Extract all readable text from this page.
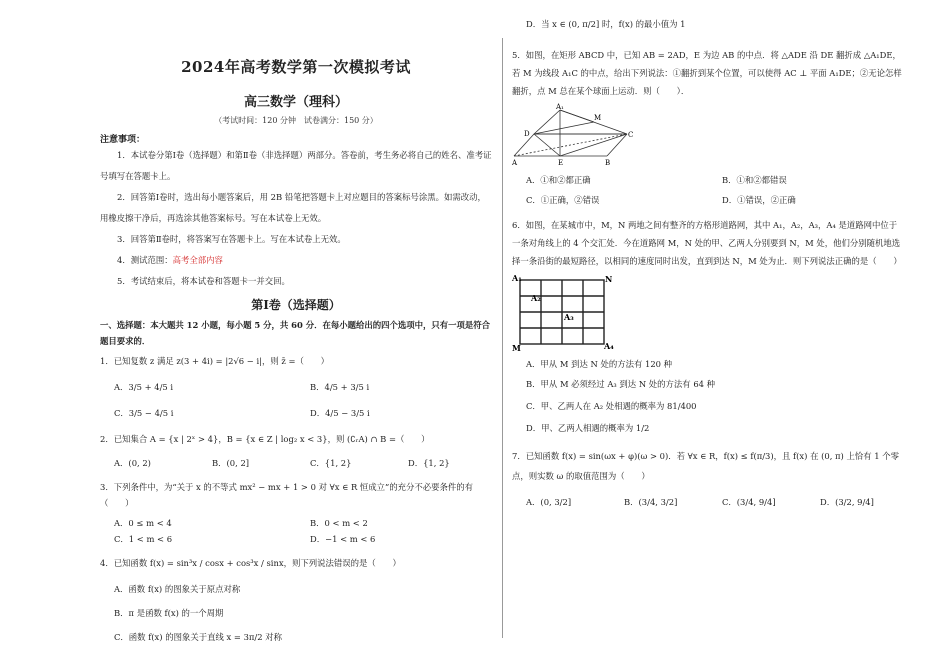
2024年高考数学第一次模拟考试
高三数学（理科）
（考试时间：120 分钟　试卷满分：150 分）
注意事项：

1．本试卷分第Ⅰ卷（选择题）和第Ⅱ卷（非选择题）两部分。答卷前，考生务必将自己的姓名、准考证号填写在答题卡上。

2．回答第Ⅰ卷时，选出每小题答案后，用 2B 铅笔把答题卡上对应题目的答案标号涂黑。如需改动，用橡皮擦干净后，再选涂其他答案标号。写在本试卷上无效。

3．回答第Ⅱ卷时，将答案写在答题卡上。写在本试卷上无效。

4．测试范围：高考全部内容

5．考试结束后，将本试卷和答题卡一并交回。

第Ⅰ卷（选择题）
一、选择题：本大题共 12 小题，每小题 5 分，共 60 分．在每小题给出的四个选项中，只有一项是符合题目要求的．

1．已知复数 z 满足 z(3 + 4i) = |2√6 − i|，则 z̄ =（　　）

A．3/5 + 4/5 i	B．4/5 + 3/5 i
C．3/5 − 4/5 i	D．4/5 − 3/5 i

2．已知集合 A = {x | 2ˣ > 4}，B = {x ∈ Z | log₂ x < 3}，则 (∁ᵣA) ∩ B =（　　）

A．(0, 2)	B．(0, 2]	C．{1, 2}	D．{1, 2}

3．下列条件中，为“关于 x 的不等式 mx² − mx + 1 > 0 对 ∀x ∈ R 恒成立”的充分不必要条件的有（　　）

A．0 ≤ m < 4	B．0 < m < 2
C．1 < m < 6	D．−1 < m < 6

4．已知函数 f(x) = sin³x / cosx + cos³x / sinx，则下列说法错误的是（　　）

A．函数 f(x) 的图象关于原点对称

B．π 是函数 f(x) 的一个周期

C．函数 f(x) 的图象关于直线 x = 3π/2 对称

D．当 x ∈ (0, π/2] 时，f(x) 的最小值为 1

5．如图，在矩形 ABCD 中，已知 AB = 2AD，E 为边 AB 的中点．将 △ADE 沿 DE 翻折成 △A₁DE，若 M 为线段 A₁C 的中点，给出下列说法：①翻折到某个位置，可以使得 AC ⊥ 平面 A₁DE；②无论怎样翻折，点 M 总在某个球面上运动．则（　　）．

A₁
M
D	C
A	E	B
A．①和②都正确	B．①和②都错误
C．①正确，②错误	D．①错误，②正确

6．如图，在某城市中，M，N 两地之间有整齐的方格形道路网，其中 A₁，A₂，A₃，A₄ 是道路网中位于一条对角线上的 4 个交汇处．今在道路网 M，N 处的甲、乙两人分别要到 N，M 处，他们分别随机地选择一条沿街的最短路径，以相同的速度同时出发，直到到达 N，M 处为止．则下列说法正确的是（　　）

A₁	N
A₂
A₃
M	A₄

A．甲从 M 到达 N 处的方法有 120 种

B．甲从 M 必须经过 A₃ 到达 N 处的方法有 64 种

C．甲、乙两人在 A₂ 处相遇的概率为 81/400

D．甲、乙两人相遇的概率为 1/2

7．已知函数 f(x) = sin(ωx + φ)(ω > 0)．若 ∀x ∈ R，f(x) ≤ f(π/3)，且 f(x) 在 (0, π) 上恰有 1 个零点，则实数 ω 的取值范围为（　　）

A．(0, 3/2]	B．(3/4, 3/2]	C．(3/4, 9/4]	D．(3/2, 9/4]
